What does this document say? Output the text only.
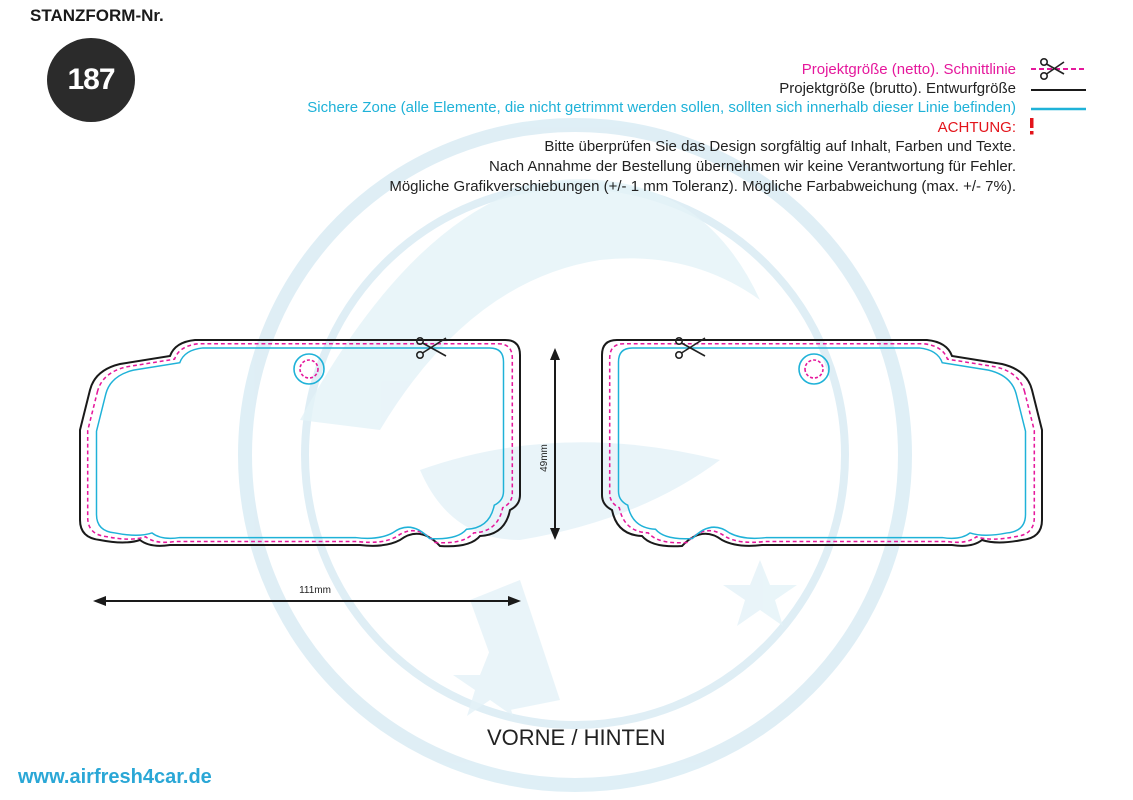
STANZFORM-Nr.
187	Projektgröße (netto). Schnittlinie
Projektgröße (brutto). Entwurfgröße
Sichere Zone (alle Elemente, die nicht getrimmt werden sollen, sollten sich innerhalb dieser Linie befinden)
ACHTUNG:
Bitte überprüfen Sie das Design sorgfältig auf Inhalt, Farben und Texte.
Nach Annahme der Bestellung übernehmen wir keine Verantwortung für Fehler.
Mögliche Grafikverschiebungen (+/- 1 mm Toleranz). Mögliche Farbabweichung (max. +/- 7%).
49mm
111mm
VORNE / HINTEN
www.airfresh4car.de
